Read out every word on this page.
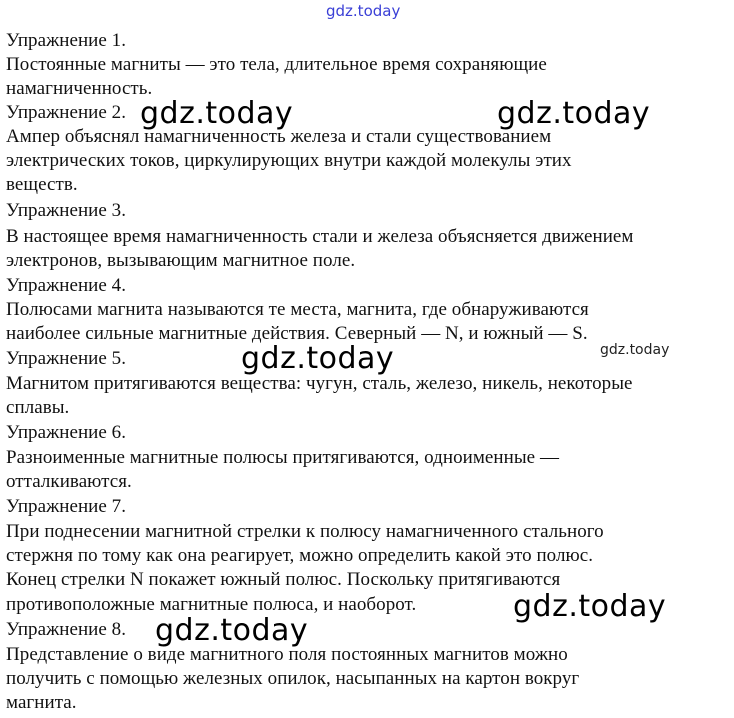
Упражнение 1.
Постоянные магниты — это тела, длительное время сохраняющие
намагниченность.
Упражнение 2.
Ампер объяснял намагниченность железа и стали существованием
электрических токов, циркулирующих внутри каждой молекулы этих
веществ.
Упражнение 3.
В настоящее время намагниченность стали и железа объясняется движением
электронов, вызывающим магнитное поле.
Упражнение 4.
Полюсами магнита называются те места, магнита, где обнаруживаются
наиболее сильные магнитные действия. Северный — N, и южный — S.
Упражнение 5.
Магнитом притягиваются вещества: чугун, сталь, железо, никель, некоторые
сплавы.
Упражнение 6.
Разноименные магнитные полюсы притягиваются, одноименные —
отталкиваются.
Упражнение 7.
При поднесении магнитной стрелки к полюсу намагниченного стального
стержня по тому как она реагирует, можно определить какой это полюс.
Конец стрелки N покажет южный полюс. Поскольку притягиваются
противоположные магнитные полюса, и наоборот.
Упражнение 8.
Представление о виде магнитного поля постоянных магнитов можно
получить с помощью железных опилок, насыпанных на картон вокруг
магнита.
gdz.today
gdz.today	gdz.today
gdz.today	gdz.today
gdz.today
gdz.today
